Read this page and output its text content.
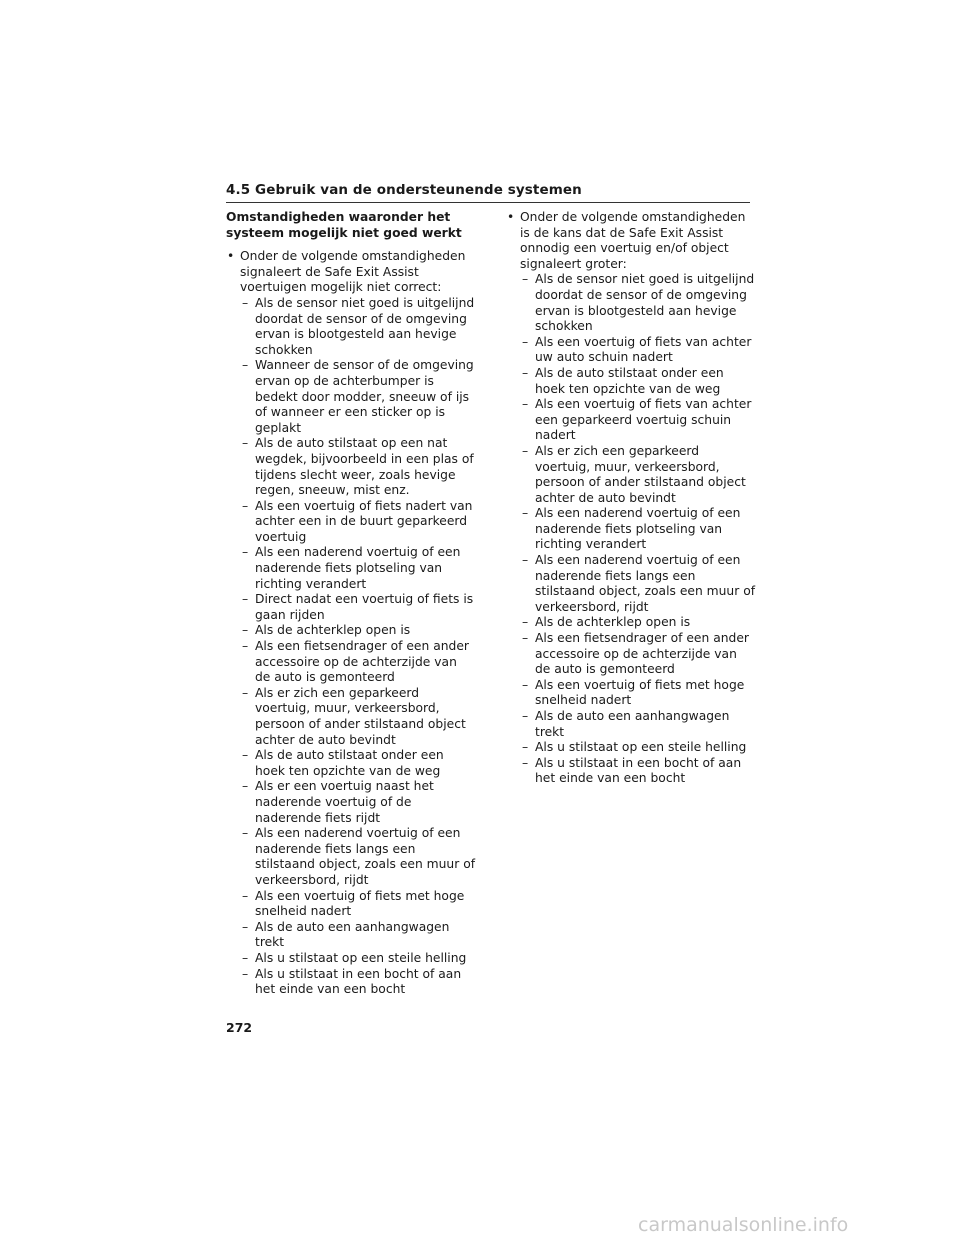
4.5 Gebruik van de ondersteunende systemen
Omstandigheden waaronder het systeem mogelijk niet goed werkt
• Onder de volgende omstandigheden signaleert de Safe Exit Assist voertuigen mogelijk niet correct:
– Als de sensor niet goed is uitgelijnd doordat de sensor of de omgeving ervan is blootgesteld aan hevige schokken
– Wanneer de sensor of de omgeving ervan op de achterbumper is bedekt door modder, sneeuw of ijs of wanneer er een sticker op is geplakt
– Als de auto stilstaat op een nat wegdek, bijvoorbeeld in een plas of tijdens slecht weer, zoals hevige regen, sneeuw, mist enz.
– Als een voertuig of fiets nadert van achter een in de buurt geparkeerd voertuig
– Als een naderend voertuig of een naderende fiets plotseling van richting verandert
– Direct nadat een voertuig of fiets is gaan rijden
– Als de achterklep open is
– Als een fietsendrager of een ander accessoire op de achterzijde van de auto is gemonteerd
– Als er zich een geparkeerd voertuig, muur, verkeersbord, persoon of ander stilstaand object achter de auto bevindt
– Als de auto stilstaat onder een hoek ten opzichte van de weg
– Als er een voertuig naast het naderende voertuig of de naderende fiets rijdt
– Als een naderend voertuig of een naderende fiets langs een stilstaand object, zoals een muur of verkeersbord, rijdt
– Als een voertuig of fiets met hoge snelheid nadert
– Als de auto een aanhangwagen trekt
– Als u stilstaat op een steile helling
– Als u stilstaat in een bocht of aan het einde van een bocht
• Onder de volgende omstandigheden is de kans dat de Safe Exit Assist onnodig een voertuig en/of object signaleert groter:
– Als de sensor niet goed is uitgelijnd doordat de sensor of de omgeving ervan is blootgesteld aan hevige schokken
– Als een voertuig of fiets van achter uw auto schuin nadert
– Als de auto stilstaat onder een hoek ten opzichte van de weg
– Als een voertuig of fiets van achter een geparkeerd voertuig schuin nadert
– Als er zich een geparkeerd voertuig, muur, verkeersbord, persoon of ander stilstaand object achter de auto bevindt
– Als een naderend voertuig of een naderende fiets plotseling van richting verandert
– Als een naderend voertuig of een naderende fiets langs een stilstaand object, zoals een muur of verkeersbord, rijdt
– Als de achterklep open is
– Als een fietsendrager of een ander accessoire op de achterzijde van de auto is gemonteerd
– Als een voertuig of fiets met hoge snelheid nadert
– Als de auto een aanhangwagen trekt
– Als u stilstaat op een steile helling
– Als u stilstaat in een bocht of aan het einde van een bocht
272
carmanualsonline.info
